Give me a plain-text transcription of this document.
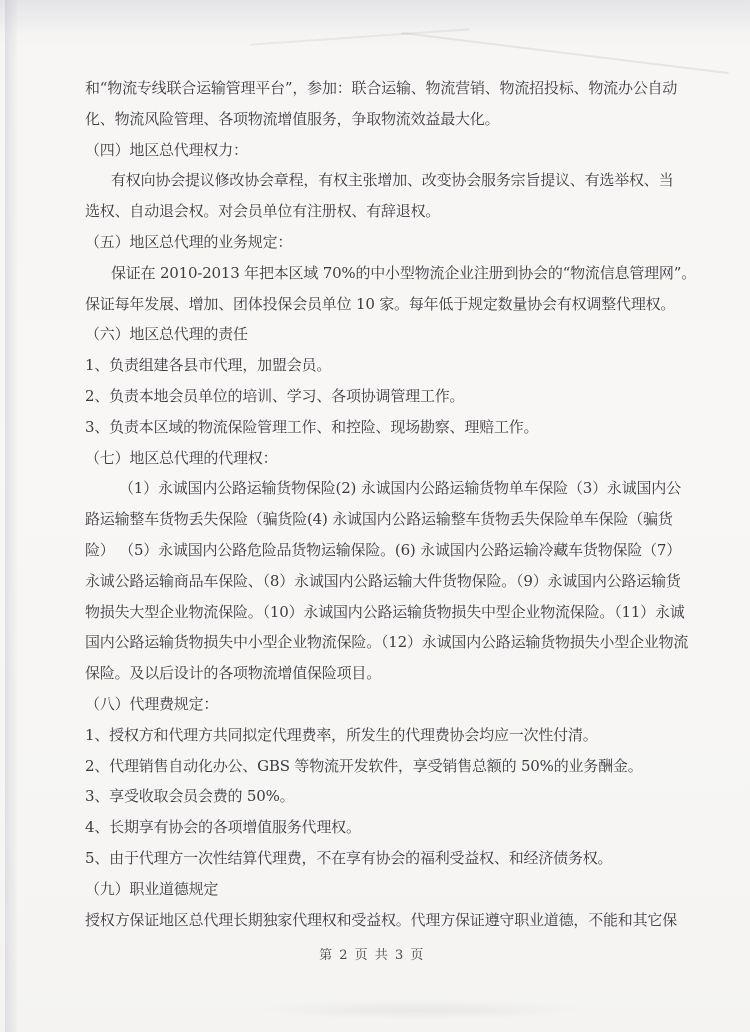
和“物流专线联合运输管理平台”，参加：联合运输、物流营销、物流招投标、物流办公自动
化、物流风险管理、各项物流增值服务，争取物流效益最大化。
（四）地区总代理权力：
有权向协会提议修改协会章程，有权主张增加、改变协会服务宗旨提议、有选举权、当
选权、自动退会权。对会员单位有注册权、有辞退权。
（五）地区总代理的业务规定：
保证在 2010-2013 年把本区域 70%的中小型物流企业注册到协会的“物流信息管理网”。
保证每年发展、增加、团体投保会员单位 10 家。每年低于规定数量协会有权调整代理权。
（六）地区总代理的责任
1、负责组建各县市代理，加盟会员。
2、负责本地会员单位的培训、学习、各项协调管理工作。
3、负责本区域的物流保险管理工作、和控险、现场勘察、理赔工作。
（七）地区总代理的代理权：
（1）永诚国内公路运输货物保险(2) 永诚国内公路运输货物单车保险（3）永诚国内公
路运输整车货物丢失保险（骗货险(4) 永诚国内公路运输整车货物丢失保险单车保险（骗货
险） （5）永诚国内公路危险品货物运输保险。(6) 永诚国内公路运输冷藏车货物保险（7）
永诚公路运输商品车保险、（8）永诚国内公路运输大件货物保险。（9）永诚国内公路运输货
物损失大型企业物流保险。（10）永诚国内公路运输货物损失中型企业物流保险。（11）永诚
国内公路运输货物损失中小型企业物流保险。（12）永诚国内公路运输货物损失小型企业物流
保险。及以后设计的各项物流增值保险项目。
（八）代理费规定：
1、授权方和代理方共同拟定代理费率，所发生的代理费协会均应一次性付清。
2、代理销售自动化办公、GBS 等物流开发软件，享受销售总额的 50%的业务酬金。
3、享受收取会员会费的 50%。
4、长期享有协会的各项增值服务代理权。
5、由于代理方一次性结算代理费，不在享有协会的福利受益权、和经济债务权。
（九）职业道德规定
授权方保证地区总代理长期独家代理权和受益权。代理方保证遵守职业道德，不能和其它保
第 2 页 共 3 页
